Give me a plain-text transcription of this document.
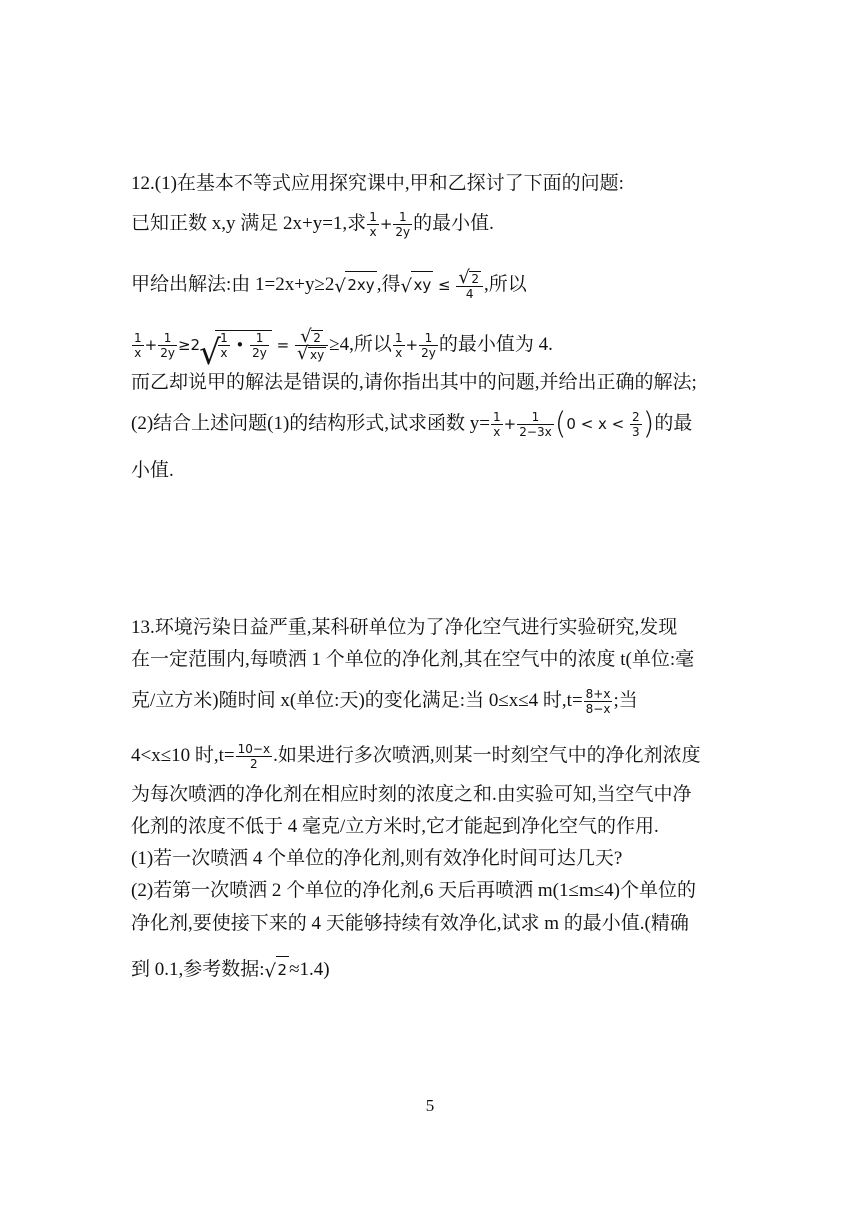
12.(1)在基本不等式应用探究课中,甲和乙探讨了下面的问题:
已知正数 x,y 满足 2x+y=1,求 $\frac{1}{x} + \frac{1}{2y}$ 的最小值.
甲给出解法:由 1=2x+y≥2 √ 2xy ,得 √ xy ≤ √ $\frac{2}{4}$ ,所以
$\frac{1}{x} + \frac{1}{2y} \ge 2$ √ $\frac{1}{x}$ • $\frac{1}{2y}$ = √ 2
√ xy ≥4,所以 $\frac{1}{x} + \frac{1}{2y}$ 的最小值为 4.
而乙却说甲的解法是错误的,请你指出其中的问题,并给出正确的解法;
(2)结合上述问题(1)的结构形式,试求函数 $y= \frac{1}{x} + \frac{1}{2-3x} (0 < x < \frac{2}{3}$ )的最
小值.
13.环境污染日益严重,某科研单位为了净化空气进行实验研究,发现
在一定范围内,每喷洒 1 个单位的净化剂,其在空气中的浓度 t(单位:毫
克/立方米)随时间 x(单位:天)的变化满足:当 0≤x≤4 时$,t= \frac{8+x}{8-x}$ ;当
4<x≤10 时$,t= \frac{10-x}{2}$ .如果进行多次喷洒,则某一时刻空气中的净化剂浓度
为每次喷洒的净化剂在相应时刻的浓度之和.由实验可知,当空气中净
化剂的浓度不低于 4 毫克/立方米时,它才能起到净化空气的作用.
(1)若一次喷洒 4 个单位的净化剂,则有效净化时间可达几天?
(2)若第一次喷洒 2 个单位的净化剂,6 天后再喷洒 m(1≤m≤4)个单位的
净化剂,要使接下来的 4 天能够持续有效净化,试求 m 的最小值.(精确
到 0.1,参考数据: √ 2 ≈1.4)
5
